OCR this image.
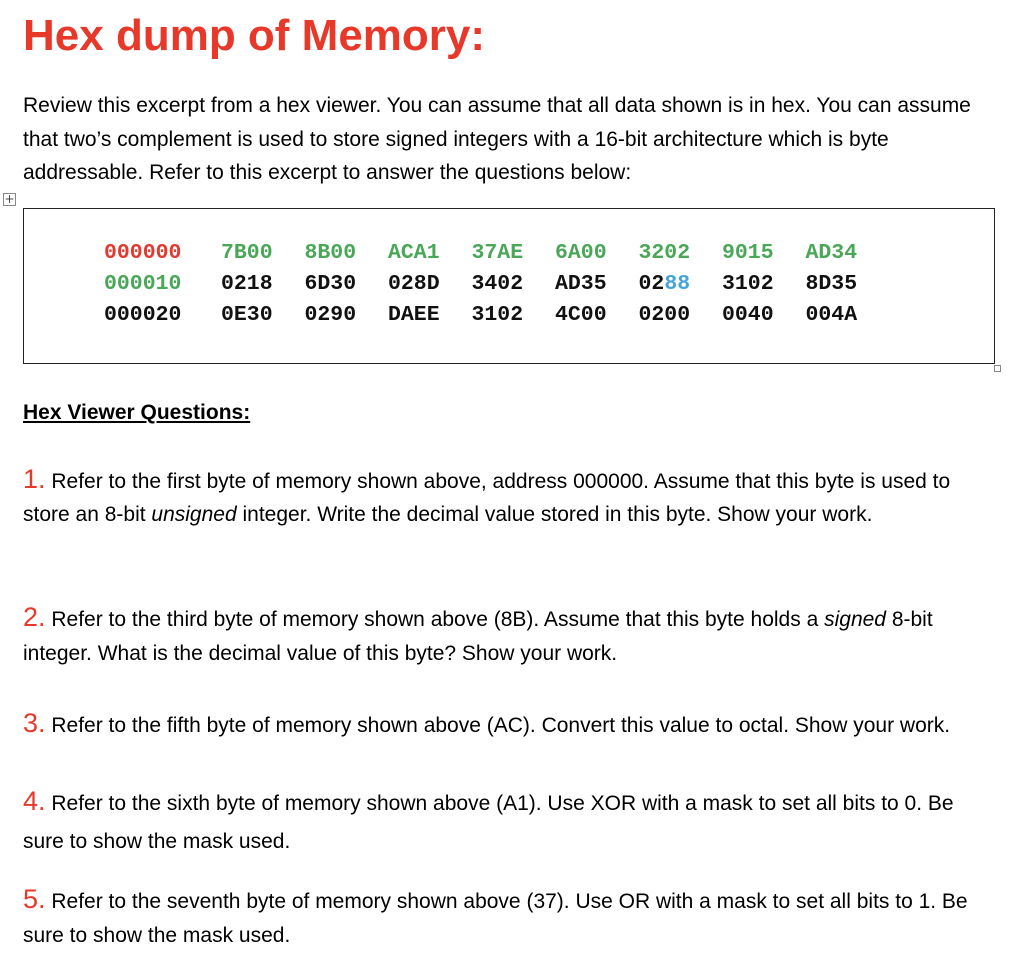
Hex dump of Memory:

Review this excerpt from a hex viewer. You can assume that all data shown is in hex. You can assume that two’s complement is used to store signed integers with a 16-bit architecture which is byte addressable. Refer to this excerpt to answer the questions below:

+
000000	7B00	8B00	ACA1	37AE	6A00	3202	9015	AD34
000010	0218	6D30	028D	3402	AD35	0288	3102	8D35
000020	0E30	0290	DAEE	3102	4C00	0200	0040	004A
Hex Viewer Questions:

1. Refer to the first byte of memory shown above, address 000000. Assume that this byte is used to store an 8-bit unsigned integer. Write the decimal value stored in this byte. Show your work.

2. Refer to the third byte of memory shown above (8B). Assume that this byte holds a signed 8-bit integer. What is the decimal value of this byte? Show your work.

3. Refer to the fifth byte of memory shown above (AC). Convert this value to octal. Show your work.

4. Refer to the sixth byte of memory shown above (A1). Use XOR with a mask to set all bits to 0. Be sure to show the mask used.

5. Refer to the seventh byte of memory shown above (37). Use OR with a mask to set all bits to 1. Be sure to show the mask used.
